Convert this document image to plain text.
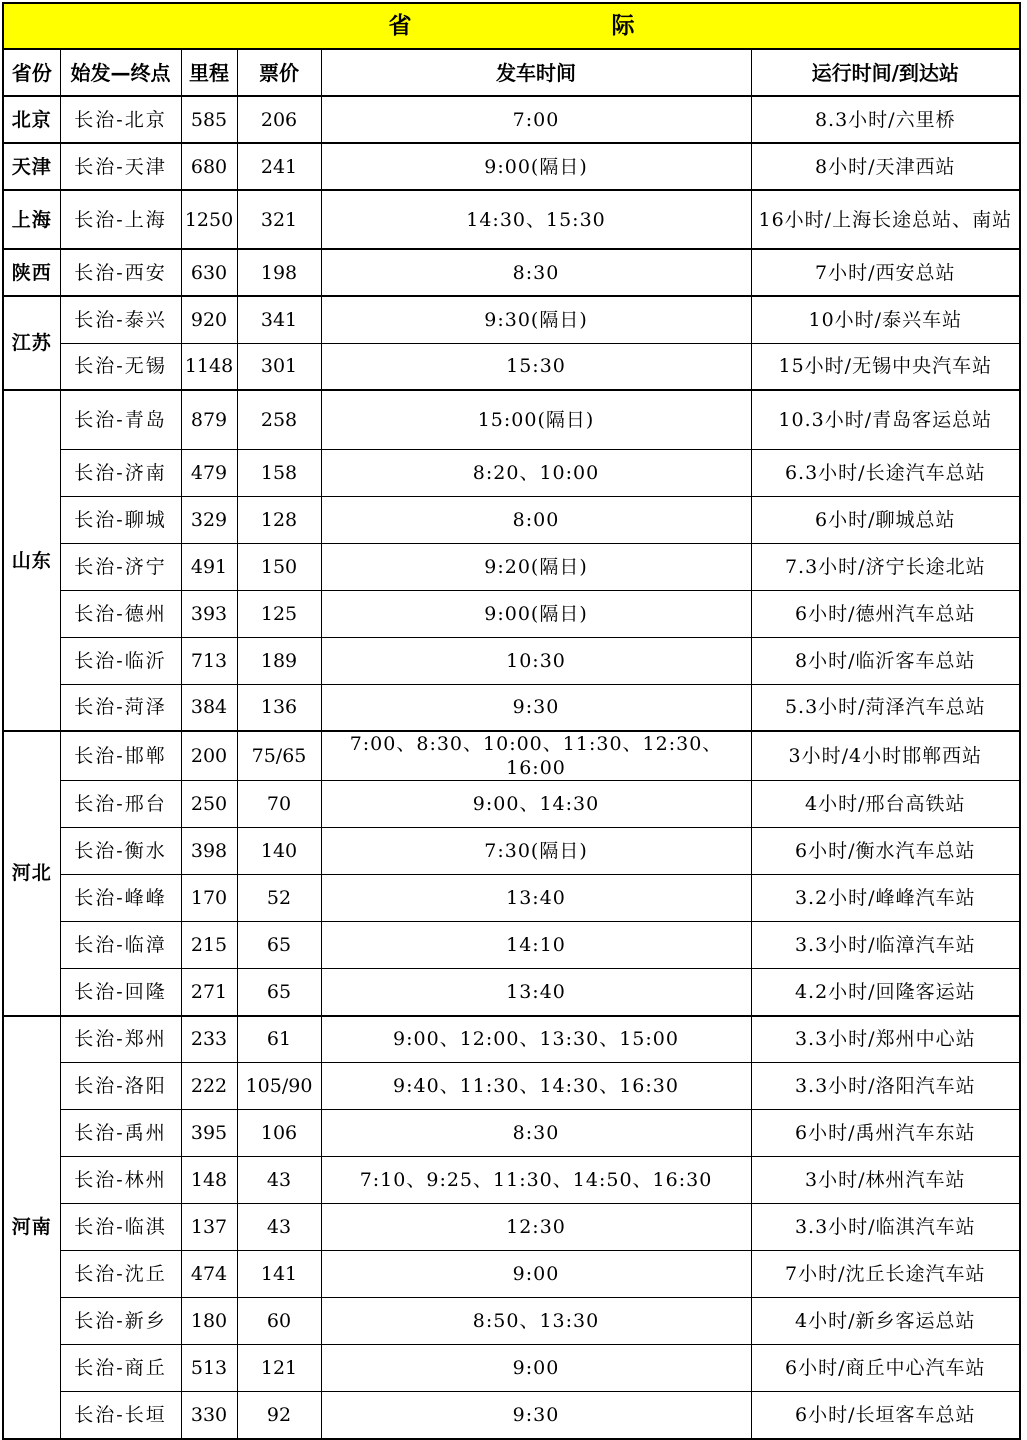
省 际					
省份	始发—终点	里程	票价	发车时间	运行时间/到达站
北京	长治-北京	585	206	7:00	8.3小时/六里桥
天津	长治-天津	680	241	9:00(隔日)	8小时/天津西站
上海	长治-上海	1250	321	14:30、15:30	16小时/上海长途总站、南站
陕西	长治-西安	630	198	8:30	7小时/西安总站
江苏	长治-泰兴	920	341	9:30(隔日)	10小时/泰兴车站
	长治-无锡	1148	301	15:30	15小时/无锡中央汽车站
山东	长治-青岛	879	258	15:00(隔日)	10.3小时/青岛客运总站
	长治-济南	479	158	8:20、10:00	6.3小时/长途汽车总站
	长治-聊城	329	128	8:00	6小时/聊城总站
	长治-济宁	491	150	9:20(隔日)	7.3小时/济宁长途北站
	长治-德州	393	125	9:00(隔日)	6小时/德州汽车总站
	长治-临沂	713	189	10:30	8小时/临沂客车总站
	长治-菏泽	384	136	9:30	5.3小时/菏泽汽车总站
河北	长治-邯郸	200	75/65	7:00、8:30、10:00、11:30、12:30、16:00	3小时/4小时邯郸西站
	长治-邢台	250	70	9:00、14:30	4小时/邢台高铁站
	长治-衡水	398	140	7:30(隔日)	6小时/衡水汽车总站
	长治-峰峰	170	52	13:40	3.2小时/峰峰汽车站
	长治-临漳	215	65	14:10	3.3小时/临漳汽车站
	长治-回隆	271	65	13:40	4.2小时/回隆客运站
河南	长治-郑州	233	61	9:00、12:00、13:30、15:00	3.3小时/郑州中心站
	长治-洛阳	222	105/90	9:40、11:30、14:30、16:30	3.3小时/洛阳汽车站
	长治-禹州	395	106	8:30	6小时/禹州汽车东站
	长治-林州	148	43	7:10、9:25、11:30、14:50、16:30	3小时/林州汽车站
	长治-临淇	137	43	12:30	3.3小时/临淇汽车站
	长治-沈丘	474	141	9:00	7小时/沈丘长途汽车站
	长治-新乡	180	60	8:50、13:30	4小时/新乡客运总站
	长治-商丘	513	121	9:00	6小时/商丘中心汽车站
	长治-长垣	330	92	9:30	6小时/长垣客车总站
